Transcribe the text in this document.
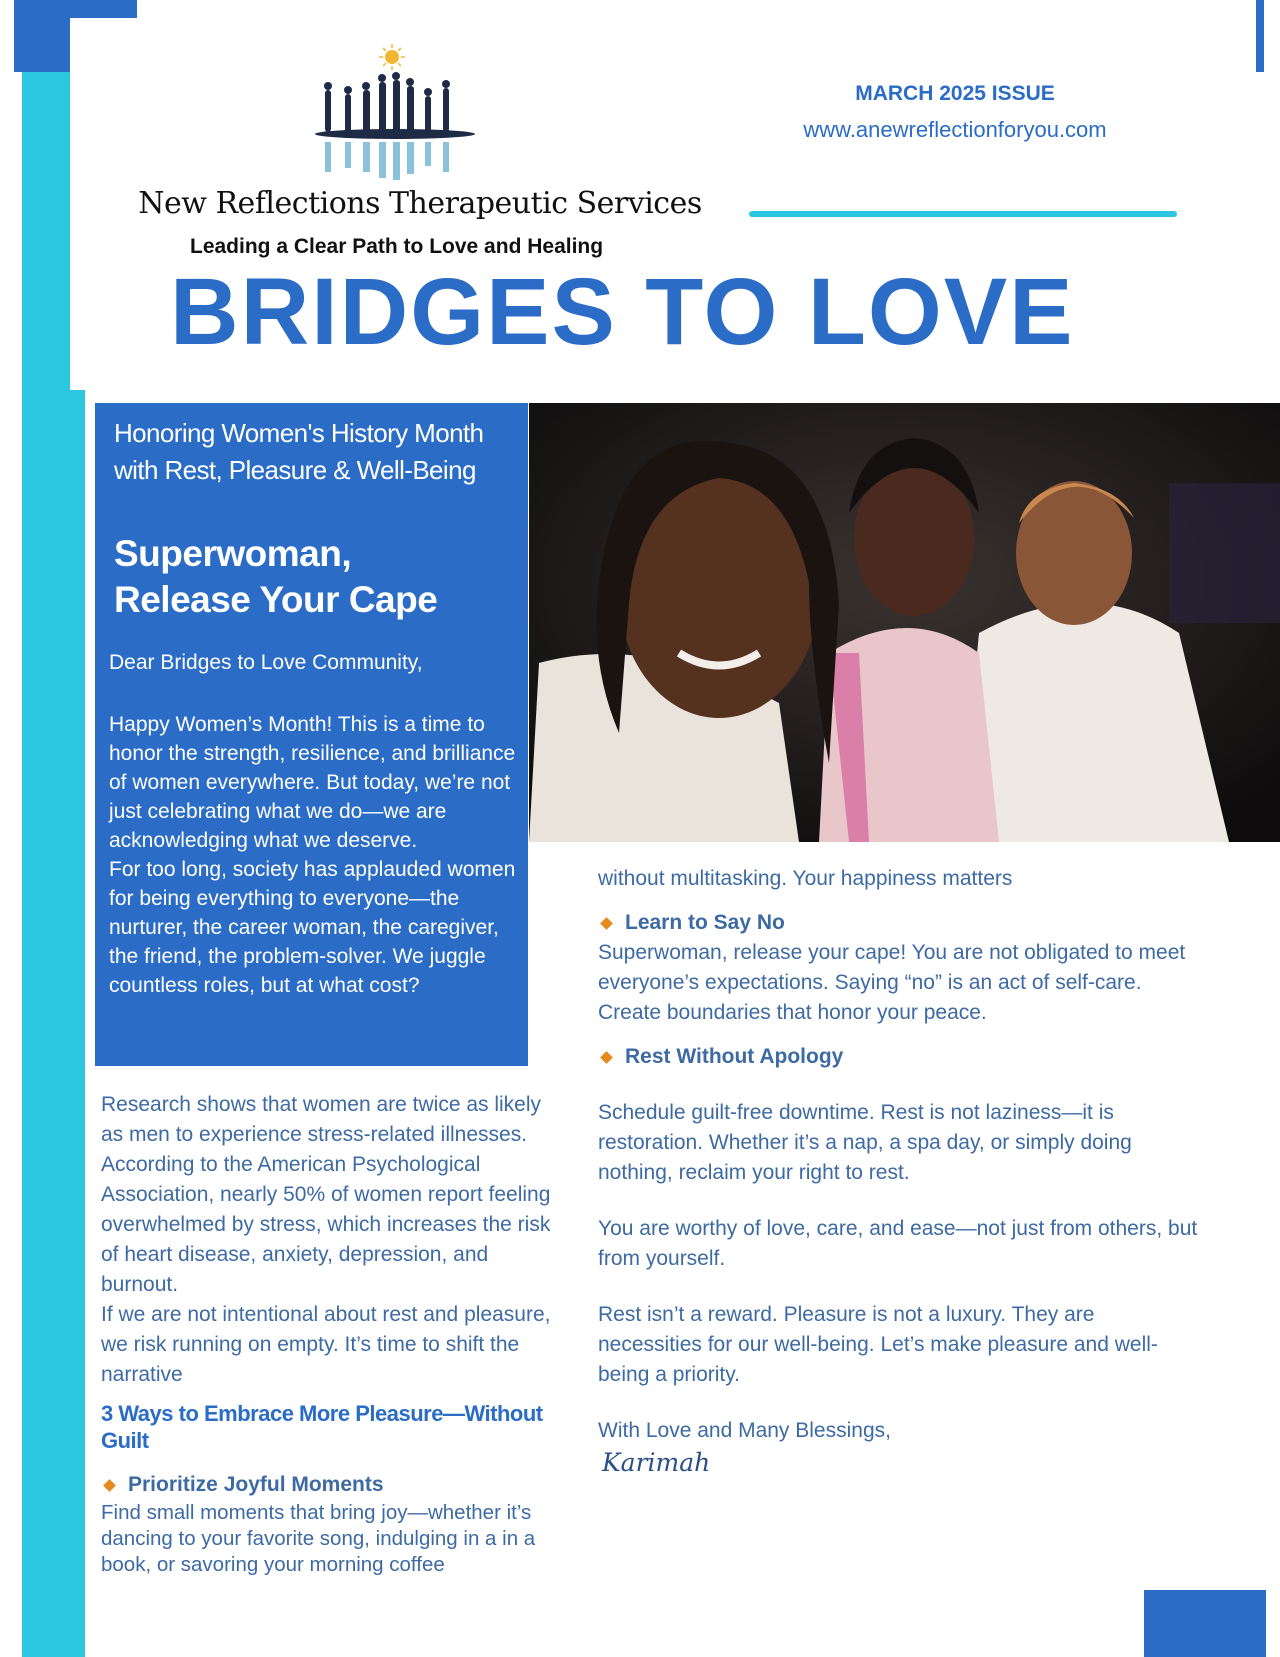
New Reflections Therapeutic Services
Leading a Clear Path to Love and Healing
MARCH 2025 ISSUE
www.anewreflectionforyou.com
BRIDGES TO LOVE
Honoring Women's History Month with Rest, Pleasure & Well-Being
Superwoman,
Release Your Cape
Dear Bridges to Love Community,

Happy Women’s Month! This is a time to honor the strength, resilience, and brilliance of women everywhere. But today, we’re not just celebrating what we do—we are acknowledging what we deserve.

For too long, society has applauded women for being everything to everyone—the nurturer, the career woman, the caregiver, the friend, the problem-solver. We juggle countless roles, but at what cost?

Research shows that women are twice as likely as men to experience stress-related illnesses. According to the American Psychological Association, nearly 50% of women report feeling overwhelmed by stress, which increases the risk of heart disease, anxiety, depression, and burnout.

If we are not intentional about rest and pleasure, we risk running on empty. It’s time to shift the narrative

3 Ways to Embrace More Pleasure—Without Guilt
Prioritize Joyful Moments

Find small moments that bring joy—whether it’s dancing to your favorite song, indulging in a in a book, or savoring your morning coffee

without multitasking. Your happiness matters

Learn to Say No

Superwoman, release your cape! You are not obligated to meet everyone’s expectations. Saying “no” is an act of self-care. Create boundaries that honor your peace.

Rest Without Apology

Schedule guilt-free downtime. Rest is not laziness—it is restoration. Whether it’s a nap, a spa day, or simply doing nothing, reclaim your right to rest.

You are worthy of love, care, and ease—not just from others, but from yourself.

Rest isn’t a reward. Pleasure is not a luxury. They are necessities for our well-being. Let’s make pleasure and well-being a priority.

With Love and Many Blessings,

Karimah
